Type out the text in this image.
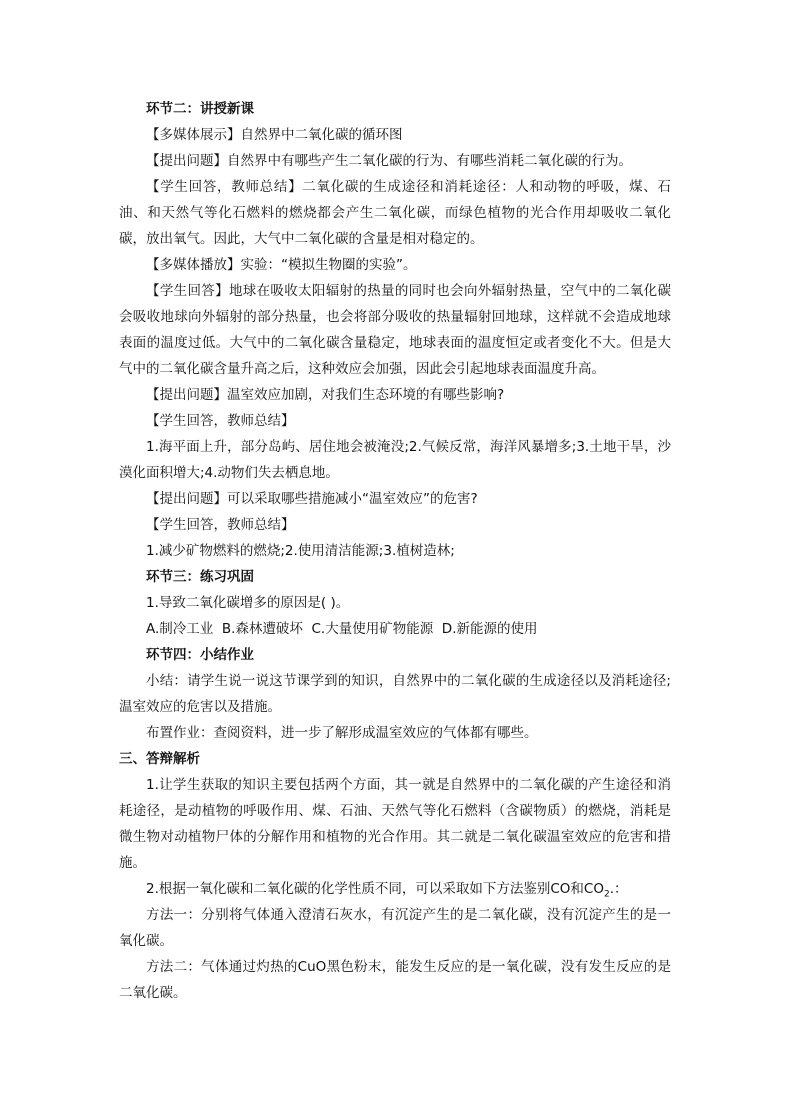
环节二：讲授新课

【多媒体展示】自然界中二氧化碳的循环图

【提出问题】自然界中有哪些产生二氧化碳的行为、有哪些消耗二氧化碳的行为。

【学生回答，教师总结】二氧化碳的生成途径和消耗途径：人和动物的呼吸，煤、石油、和天然气等化石燃料的燃烧都会产生二氧化碳，而绿色植物的光合作用却吸收二氧化碳，放出氧气。因此，大气中二氧化碳的含量是相对稳定的。

【多媒体播放】实验：“模拟生物圈的实验”。

【学生回答】地球在吸收太阳辐射的热量的同时也会向外辐射热量，空气中的二氧化碳会吸收地球向外辐射的部分热量，也会将部分吸收的热量辐射回地球，这样就不会造成地球表面的温度过低。大气中的二氧化碳含量稳定，地球表面的温度恒定或者变化不大。但是大气中的二氧化碳含量升高之后，这种效应会加强，因此会引起地球表面温度升高。

【提出问题】温室效应加剧，对我们生态环境的有哪些影响?

【学生回答，教师总结】

1.海平面上升，部分岛屿、居住地会被淹没;2.气候反常，海洋风暴增多;3.土地干旱，沙漠化面积增大;4.动物们失去栖息地。

【提出问题】可以采取哪些措施减小“温室效应”的危害?

【学生回答，教师总结】

1.减少矿物燃料的燃烧;2.使用清洁能源;3.植树造林;

环节三：练习巩固

1.导致二氧化碳增多的原因是( )。

A.制冷工业  B.森林遭破坏  C.大量使用矿物能源  D.新能源的使用

环节四：小结作业

小结：请学生说一说这节课学到的知识，自然界中的二氧化碳的生成途径以及消耗途径;温室效应的危害以及措施。

布置作业：查阅资料，进一步了解形成温室效应的气体都有哪些。

三、答辩解析

1.让学生获取的知识主要包括两个方面，其一就是自然界中的二氧化碳的产生途径和消耗途径，是动植物的呼吸作用、煤、石油、天然气等化石燃料（含碳物质）的燃烧，消耗是微生物对动植物尸体的分解作用和植物的光合作用。其二就是二氧化碳温室效应的危害和措施。

2.根据一氧化碳和二氧化碳的化学性质不同，可以采取如下方法鉴别CO和$CO_2$.：

方法一：分别将气体通入澄清石灰水，有沉淀产生的是二氧化碳，没有沉淀产生的是一氧化碳。

方法二：气体通过灼热的CuO黑色粉末，能发生反应的是一氧化碳，没有发生反应的是二氧化碳。
